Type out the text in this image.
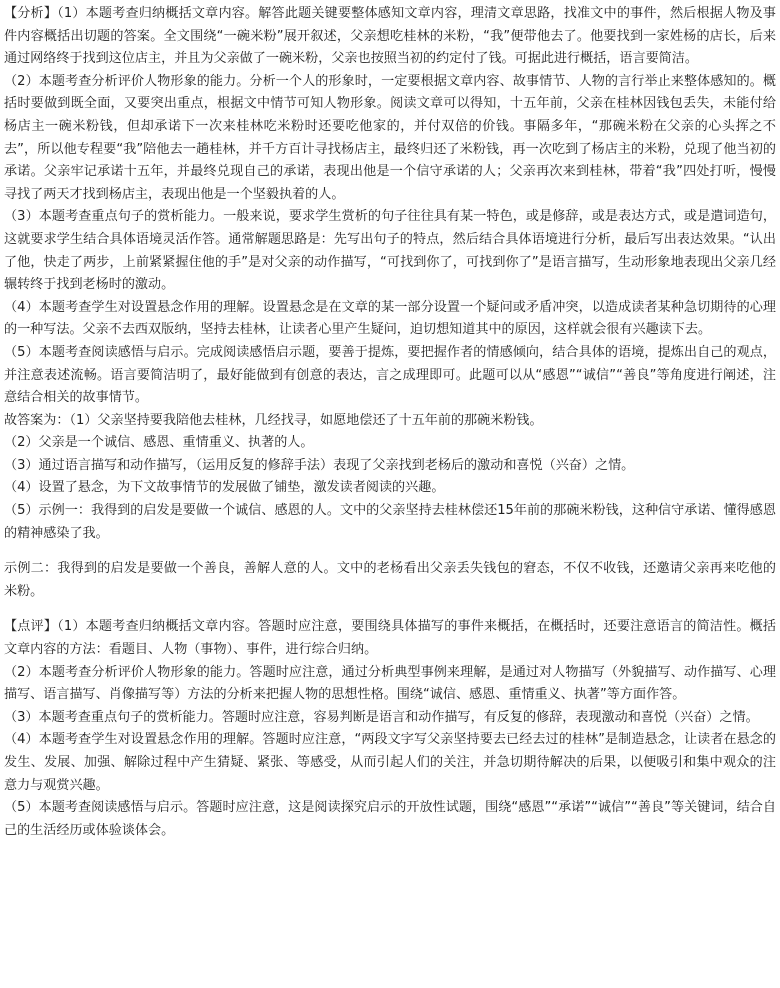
【分析】（1）本题考查归纳概括文章内容。解答此题关键要整体感知文章内容，理清文章思路，找准文中的事件，然后根据人物及事件内容概括出切题的答案。全文围绕“一碗米粉”展开叙述，父亲想吃桂林的米粉，“我”便带他去了。他要找到一家姓杨的店长，后来通过网络终于找到这位店主，并且为父亲做了一碗米粉，父亲也按照当初的约定付了钱。可据此进行概括，语言要简洁。

（2）本题考查分析评价人物形象的能力。分析一个人的形象时，一定要根据文章内容、故事情节、人物的言行举止来整体感知的。概括时要做到既全面，又要突出重点，根据文中情节可知人物形象。阅读文章可以得知，十五年前，父亲在桂林因钱包丢失，未能付给杨店主一碗米粉钱，但却承诺下一次来桂林吃米粉时还要吃他家的，并付双倍的价钱。事隔多年，“那碗米粉在父亲的心头挥之不去”，所以他专程要“我”陪他去一趟桂林，并千方百计寻找杨店主，最终归还了米粉钱，再一次吃到了杨店主的米粉，兑现了他当初的承诺。父亲牢记承诺十五年，并最终兑现自己的承诺，表现出他是一个信守承诺的人；父亲再次来到桂林，带着“我”四处打听，慢慢寻找了两天才找到杨店主，表现出他是一个坚毅执着的人。

（3）本题考查重点句子的赏析能力。一般来说，要求学生赏析的句子往往具有某一特色，或是修辞，或是表达方式，或是遣词造句，这就要求学生结合具体语境灵活作答。通常解题思路是：先写出句子的特点，然后结合具体语境进行分析，最后写出表达效果。“认出了他，快走了两步，上前紧紧握住他的手”是对父亲的动作描写，“可找到你了，可找到你了”是语言描写，生动形象地表现出父亲几经辗转终于找到老杨时的激动。

（4）本题考查学生对设置悬念作用的理解。设置悬念是在文章的某一部分设置一个疑问或矛盾冲突，以造成读者某种急切期待的心理的一种写法。父亲不去西双版纳，坚持去桂林，让读者心里产生疑问，迫切想知道其中的原因，这样就会很有兴趣读下去。

（5）本题考查阅读感悟与启示。完成阅读感悟启示题，要善于提炼，要把握作者的情感倾向，结合具体的语境，提炼出自己的观点，并注意表述流畅。语言要简洁明了，最好能做到有创意的表达，言之成理即可。此题可以从“感恩”“诚信”“善良”等角度进行阐述，注意结合相关的故事情节。

故答案为：（1）父亲坚持要我陪他去桂林，几经找寻，如愿地偿还了十五年前的那碗米粉钱。

（2）父亲是一个诚信、感恩、重情重义、执著的人。

（3）通过语言描写和动作描写，（运用反复的修辞手法）表现了父亲找到老杨后的激动和喜悦（兴奋）之情。

（4）设置了悬念，为下文故事情节的发展做了铺垫，激发读者阅读的兴趣。

（5）示例一：我得到的启发是要做一个诚信、感恩的人。文中的父亲坚持去桂林偿还15年前的那碗米粉钱，这种信守承诺、懂得感恩的精神感染了我。

示例二：我得到的启发是要做一个善良，善解人意的人。文中的老杨看出父亲丢失钱包的窘态，不仅不收钱，还邀请父亲再来吃他的米粉。

【点评】（1）本题考查归纳概括文章内容。答题时应注意，要围绕具体描写的事件来概括，在概括时，还要注意语言的简洁性。概括文章内容的方法：看题目、人物（事物）、事件，进行综合归纳。

（2）本题考查分析评价人物形象的能力。答题时应注意，通过分析典型事例来理解，是通过对人物描写（外貌描写、动作描写、心理描写、语言描写、肖像描写等）方法的分析来把握人物的思想性格。围绕“诚信、感恩、重情重义、执著”等方面作答。

（3）本题考查重点句子的赏析能力。答题时应注意，容易判断是语言和动作描写，有反复的修辞，表现激动和喜悦（兴奋）之情。

（4）本题考查学生对设置悬念作用的理解。答题时应注意，“两段文字写父亲坚持要去已经去过的桂林”是制造悬念，让读者在悬念的发生、发展、加强、解除过程中产生猜疑、紧张、等感受，从而引起人们的关注，并急切期待解决的后果，以便吸引和集中观众的注意力与观赏兴趣。

（5）本题考查阅读感悟与启示。答题时应注意，这是阅读探究启示的开放性试题，围绕“感恩”“承诺”“诚信”“善良”等关键词，结合自己的生活经历或体验谈体会。
